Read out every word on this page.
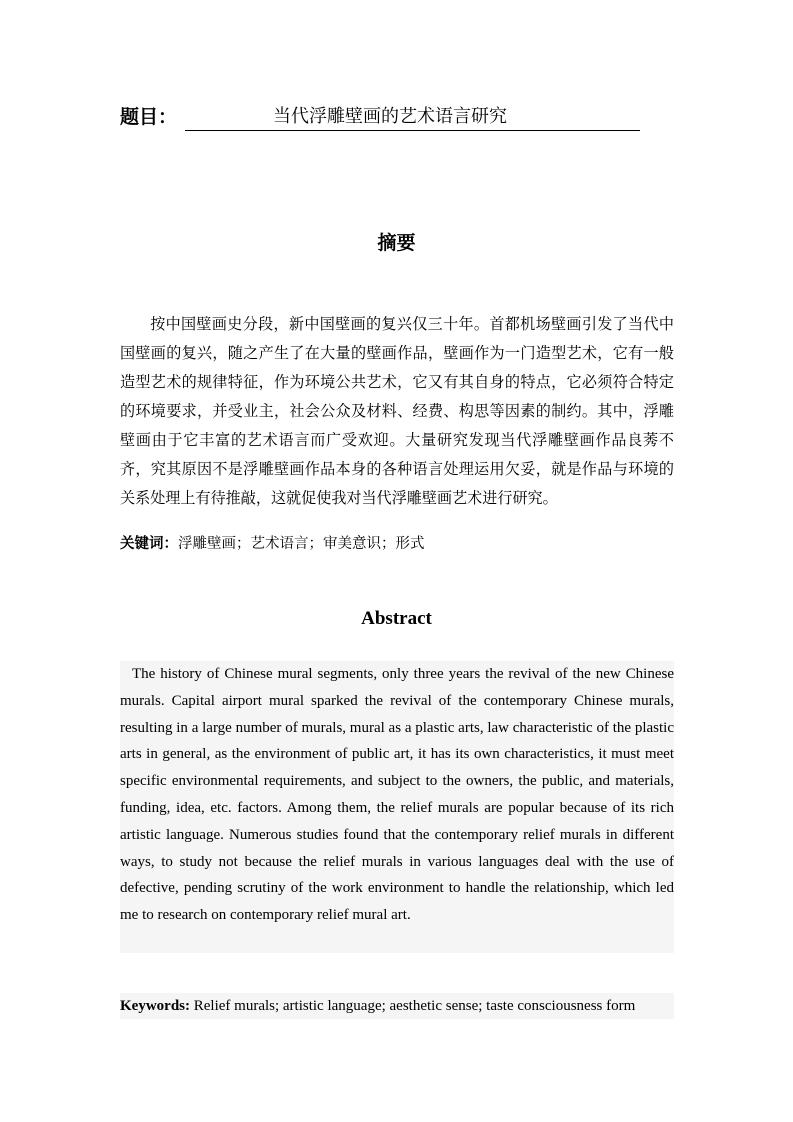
题目：	当代浮雕壁画的艺术语言研究
摘要

按中国壁画史分段，新中国壁画的复兴仅三十年。首都机场壁画引发了当代中国壁画的复兴，随之产生了在大量的壁画作品，壁画作为一门造型艺术，它有一般造型艺术的规律特征，作为环境公共艺术，它又有其自身的特点，它必须符合特定的环境要求，并受业主，社会公众及材料、经费、构思等因素的制约。其中，浮雕壁画由于它丰富的艺术语言而广受欢迎。大量研究发现当代浮雕壁画作品良莠不齐，究其原因不是浮雕壁画作品本身的各种语言处理运用欠妥，就是作品与环境的关系处理上有待推敲，这就促使我对当代浮雕壁画艺术进行研究。

关键词：浮雕壁画；艺术语言；审美意识；形式
Abstract

The history of Chinese mural segments, only three years the revival of the new Chinese murals. Capital airport mural sparked the revival of the contemporary Chinese murals, resulting in a large number of murals, mural as a plastic arts, law characteristic of the plastic arts in general, as the environment of public art, it has its own characteristics, it must meet specific environmental requirements, and subject to the owners, the public, and materials, funding, idea, etc. factors. Among them, the relief murals are popular because of its rich artistic language. Numerous studies found that the contemporary relief murals in different ways, to study not because the relief murals in various languages deal with the use of defective, pending scrutiny of the work environment to handle the relationship, which led me to research on contemporary relief mural art.

Keywords: Relief murals; artistic language; aesthetic sense; taste consciousness form
